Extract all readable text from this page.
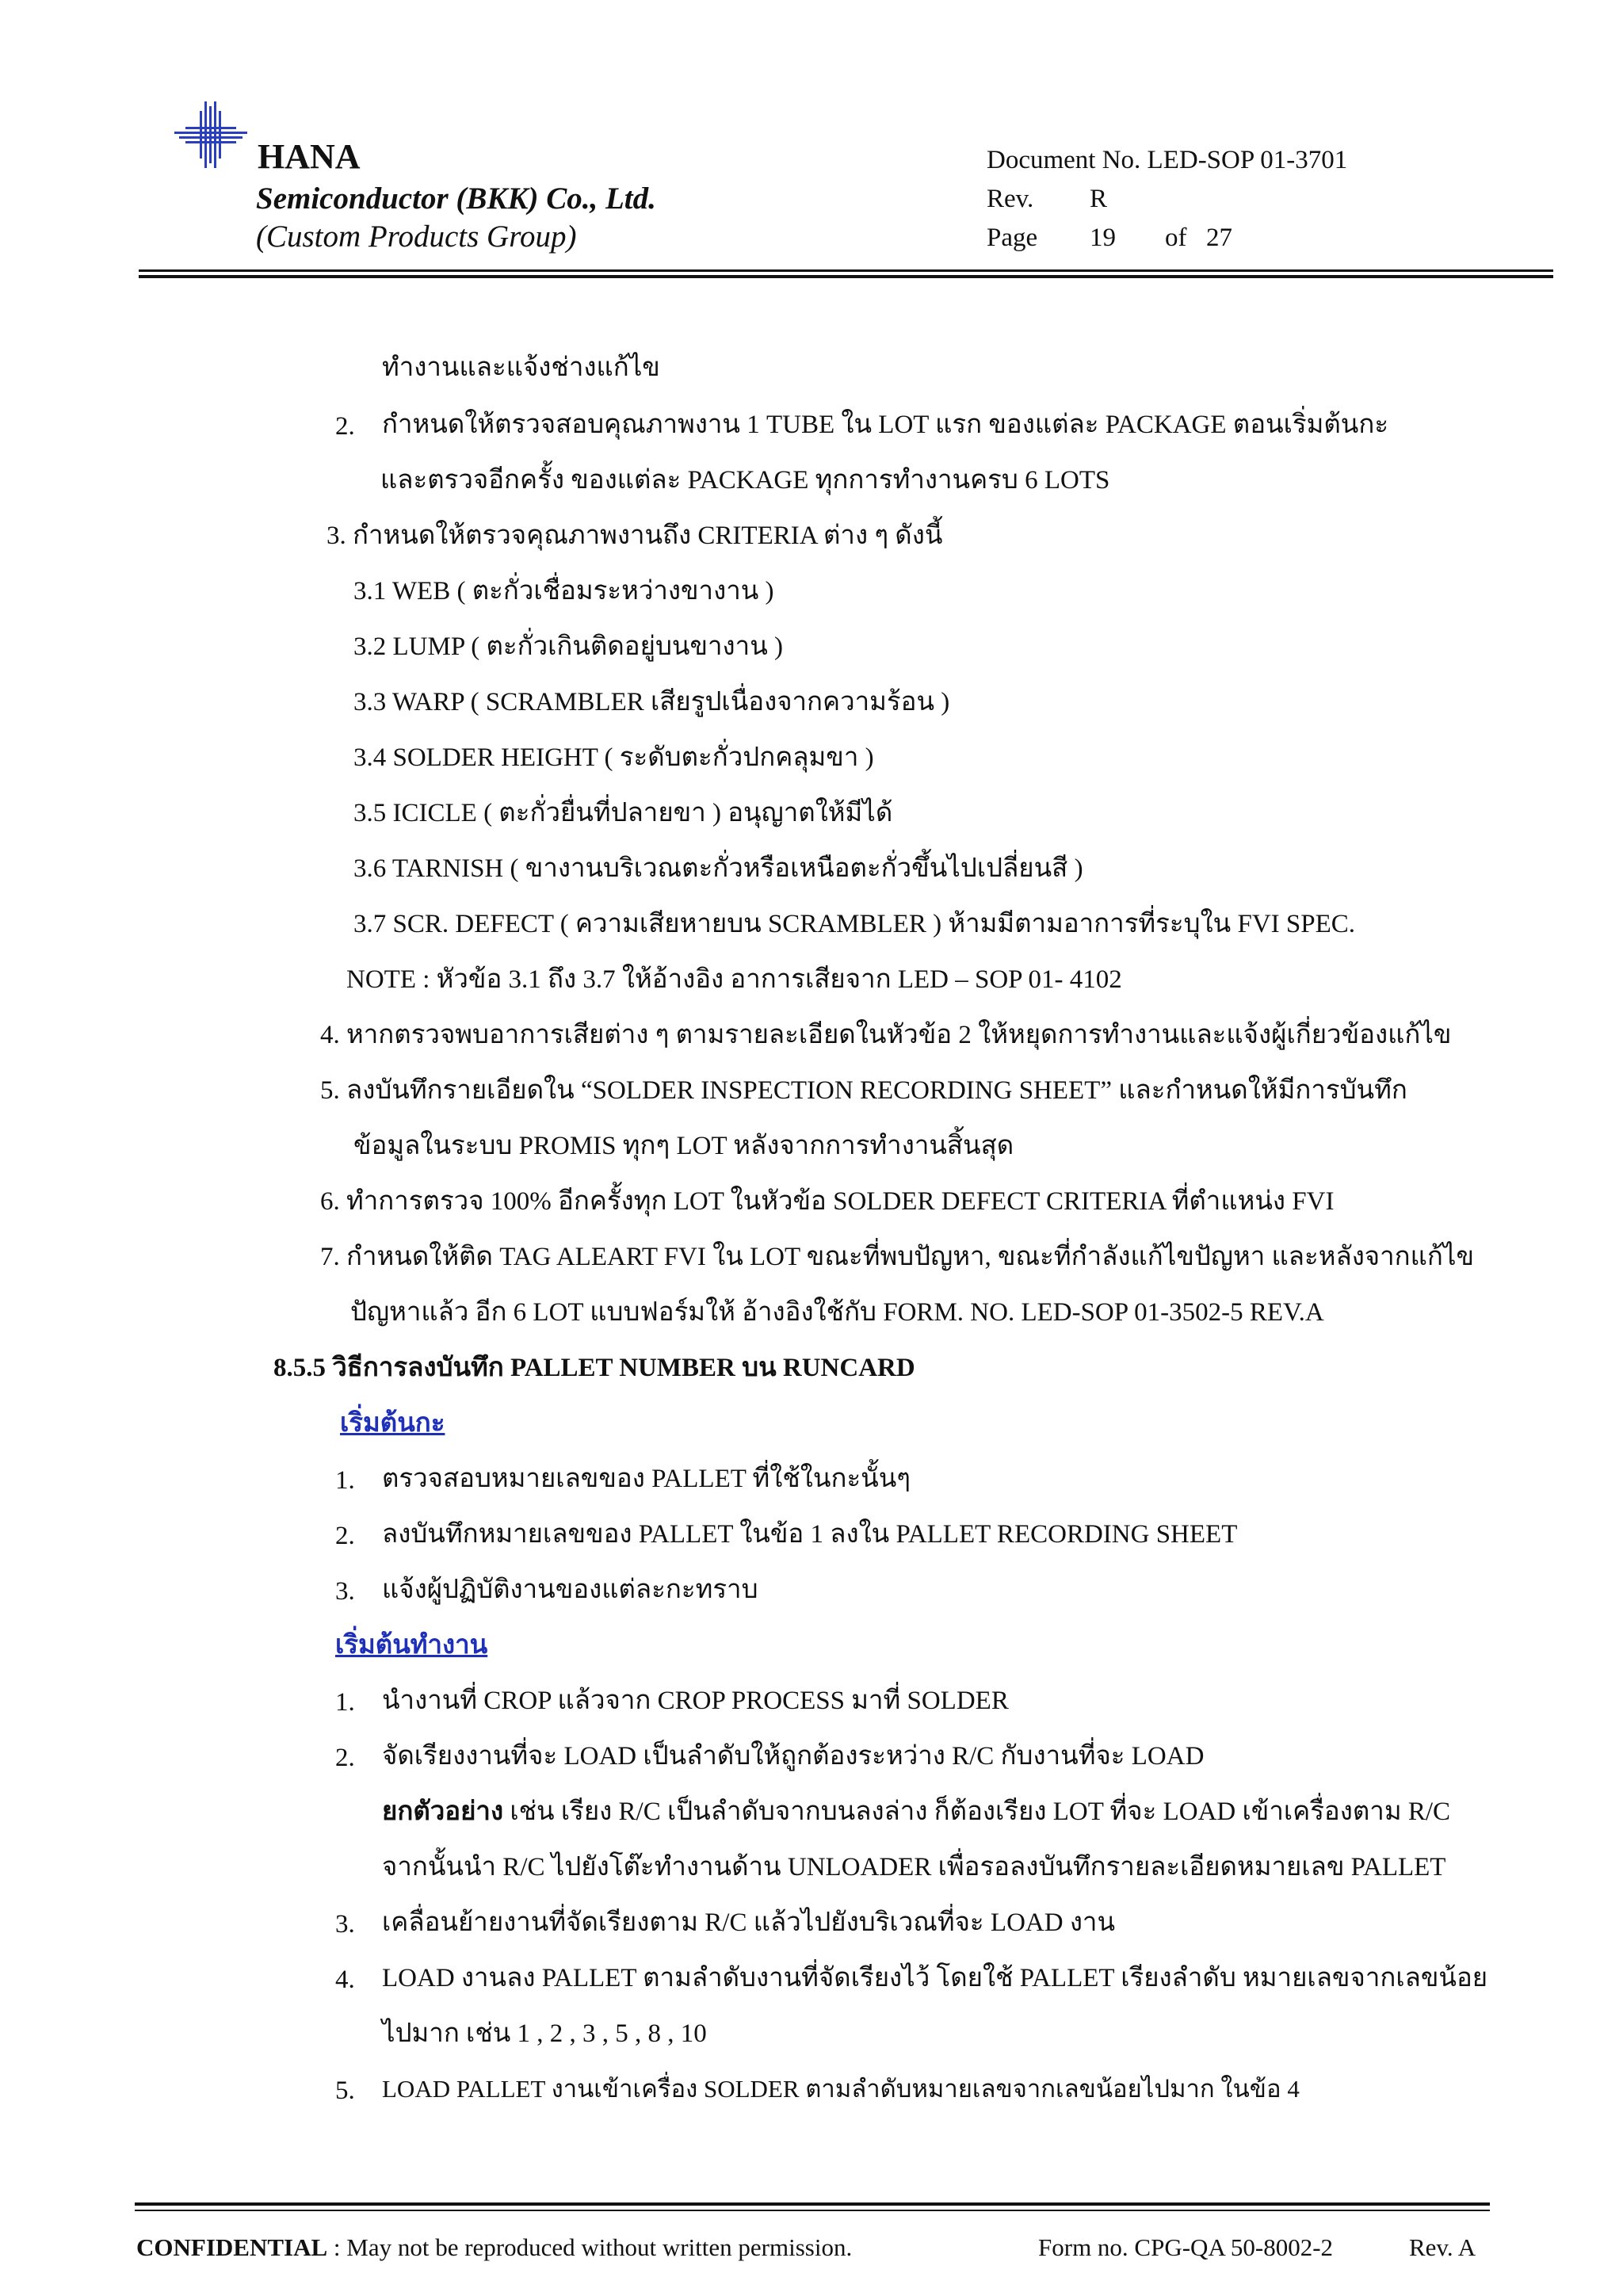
HANA
Semiconductor (BKK) Co., Ltd.
(Custom Products Group)
Document No. LED-SOP 01-3701
Rev. R
Page 19 of 27
ทำงานและแจ้งช่างแก้ไข
2. กำหนดให้ตรวจสอบคุณภาพงาน 1 TUBE ใน LOT แรก ของแต่ละ PACKAGE ตอนเริ่มต้นกะ
และตรวจอีกครั้ง ของแต่ละ PACKAGE ทุกการทำงานครบ 6 LOTS
3. กำหนดให้ตรวจคุณภาพงานถึง CRITERIA ต่าง ๆ ดังนี้
3.1 WEB ( ตะกั่วเชื่อมระหว่างขางาน )
3.2 LUMP ( ตะกั่วเกินติดอยู่บนขางาน )
3.3 WARP ( SCRAMBLER เสียรูปเนื่องจากความร้อน )
3.4 SOLDER HEIGHT ( ระดับตะกั่วปกคลุมขา )
3.5 ICICLE ( ตะกั่วยื่นที่ปลายขา ) อนุญาตให้มีได้
3.6 TARNISH ( ขางานบริเวณตะกั่วหรือเหนือตะกั่วขึ้นไปเปลี่ยนสี )
3.7 SCR. DEFECT ( ความเสียหายบน SCRAMBLER ) ห้ามมีตามอาการที่ระบุใน FVI SPEC.
NOTE : หัวข้อ 3.1 ถึง 3.7 ให้อ้างอิง อาการเสียจาก LED – SOP 01- 4102
4. หากตรวจพบอาการเสียต่าง ๆ ตามรายละเอียดในหัวข้อ 2 ให้หยุดการทำงานและแจ้งผู้เกี่ยวข้องแก้ไข
5. ลงบันทึกรายเอียดใน “SOLDER INSPECTION RECORDING SHEET” และกำหนดให้มีการบันทึก
ข้อมูลในระบบ PROMIS ทุกๆ LOT หลังจากการทำงานสิ้นสุด
6. ทำการตรวจ 100% อีกครั้งทุก LOT ในหัวข้อ SOLDER DEFECT CRITERIA ที่ตำแหน่ง FVI
7. กำหนดให้ติด TAG ALEART FVI ใน LOT ขณะที่พบปัญหา, ขณะที่กำลังแก้ไขปัญหา และหลังจากแก้ไข
ปัญหาแล้ว อีก 6 LOT แบบฟอร์มให้ อ้างอิงใช้กับ FORM. NO. LED-SOP 01-3502-5 REV.A
8.5.5 วิธีการลงบันทึก PALLET NUMBER บน RUNCARD
เริ่มต้นกะ
1. ตรวจสอบหมายเลขของ PALLET ที่ใช้ในกะนั้นๆ
2. ลงบันทึกหมายเลขของ PALLET ในข้อ 1 ลงใน PALLET RECORDING SHEET
3. แจ้งผู้ปฏิบัติงานของแต่ละกะทราบ
เริ่มต้นทำงาน
1. นำงานที่ CROP แล้วจาก CROP PROCESS มาที่ SOLDER
2. จัดเรียงงานที่จะ LOAD เป็นลำดับให้ถูกต้องระหว่าง R/C กับงานที่จะ LOAD
ยกตัวอย่าง เช่น เรียง R/C เป็นลำดับจากบนลงล่าง ก็ต้องเรียง LOT ที่จะ LOAD เข้าเครื่องตาม R/C
จากนั้นนำ R/C ไปยังโต๊ะทำงานด้าน UNLOADER เพื่อรอลงบันทึกรายละเอียดหมายเลข PALLET
3. เคลื่อนย้ายงานที่จัดเรียงตาม R/C แล้วไปยังบริเวณที่จะ LOAD งาน
4. LOAD งานลง PALLET ตามลำดับงานที่จัดเรียงไว้ โดยใช้ PALLET เรียงลำดับ หมายเลขจากเลขน้อย
ไปมาก เช่น 1 , 2 , 3 , 5 , 8 , 10
5. LOAD PALLET งานเข้าเครื่อง SOLDER ตามลำดับหมายเลขจากเลขน้อยไปมาก ในข้อ 4
CONFIDENTIAL : May not be reproduced without written permission.	Form no. CPG-QA 50-8002-2	Rev. A
